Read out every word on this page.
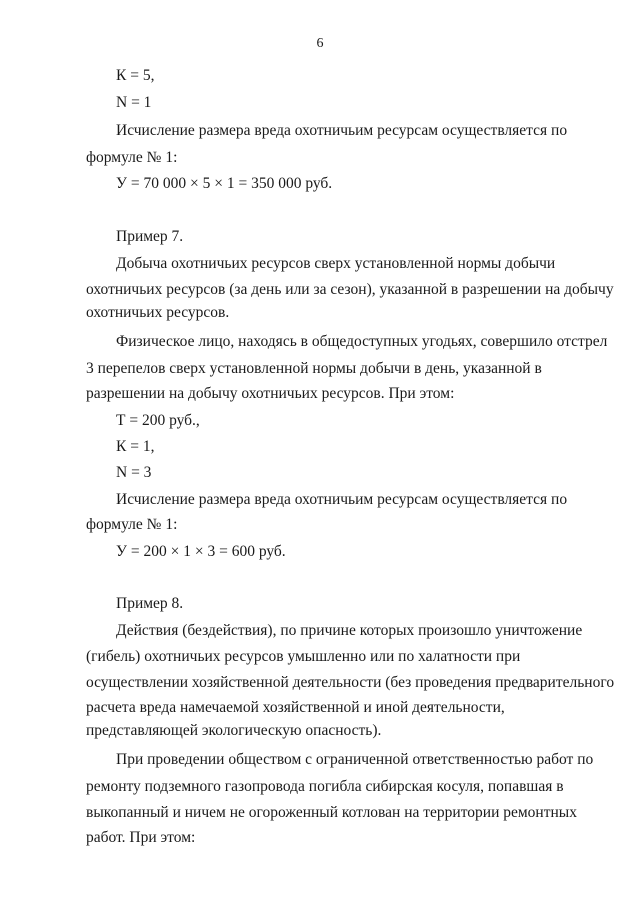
6
К = 5,
N = 1
Исчисление размера вреда охотничьим ресурсам осуществляется по
формуле № 1:
У = 70 000 × 5 × 1 = 350 000 руб.
Пример 7.
Добыча охотничьих ресурсов сверх установленной нормы добычи
охотничьих ресурсов (за день или за сезон), указанной в разрешении на добычу
охотничьих ресурсов.
Физическое лицо, находясь в общедоступных угодьях, совершило отстрел
3 перепелов сверх установленной нормы добычи в день, указанной в
разрешении на добычу охотничьих ресурсов. При этом:
Т = 200 руб.,
К = 1,
N = 3
Исчисление размера вреда охотничьим ресурсам осуществляется по
формуле № 1:
У = 200 × 1 × 3 = 600 руб.
Пример 8.
Действия (бездействия), по причине которых произошло уничтожение
(гибель) охотничьих ресурсов умышленно или по халатности при
осуществлении хозяйственной деятельности (без проведения предварительного
расчета вреда намечаемой хозяйственной и иной деятельности,
представляющей экологическую опасность).
При проведении обществом с ограниченной ответственностью работ по
ремонту подземного газопровода погибла сибирская косуля, попавшая в
выкопанный и ничем не огороженный котлован на территории ремонтных
работ. При этом:
